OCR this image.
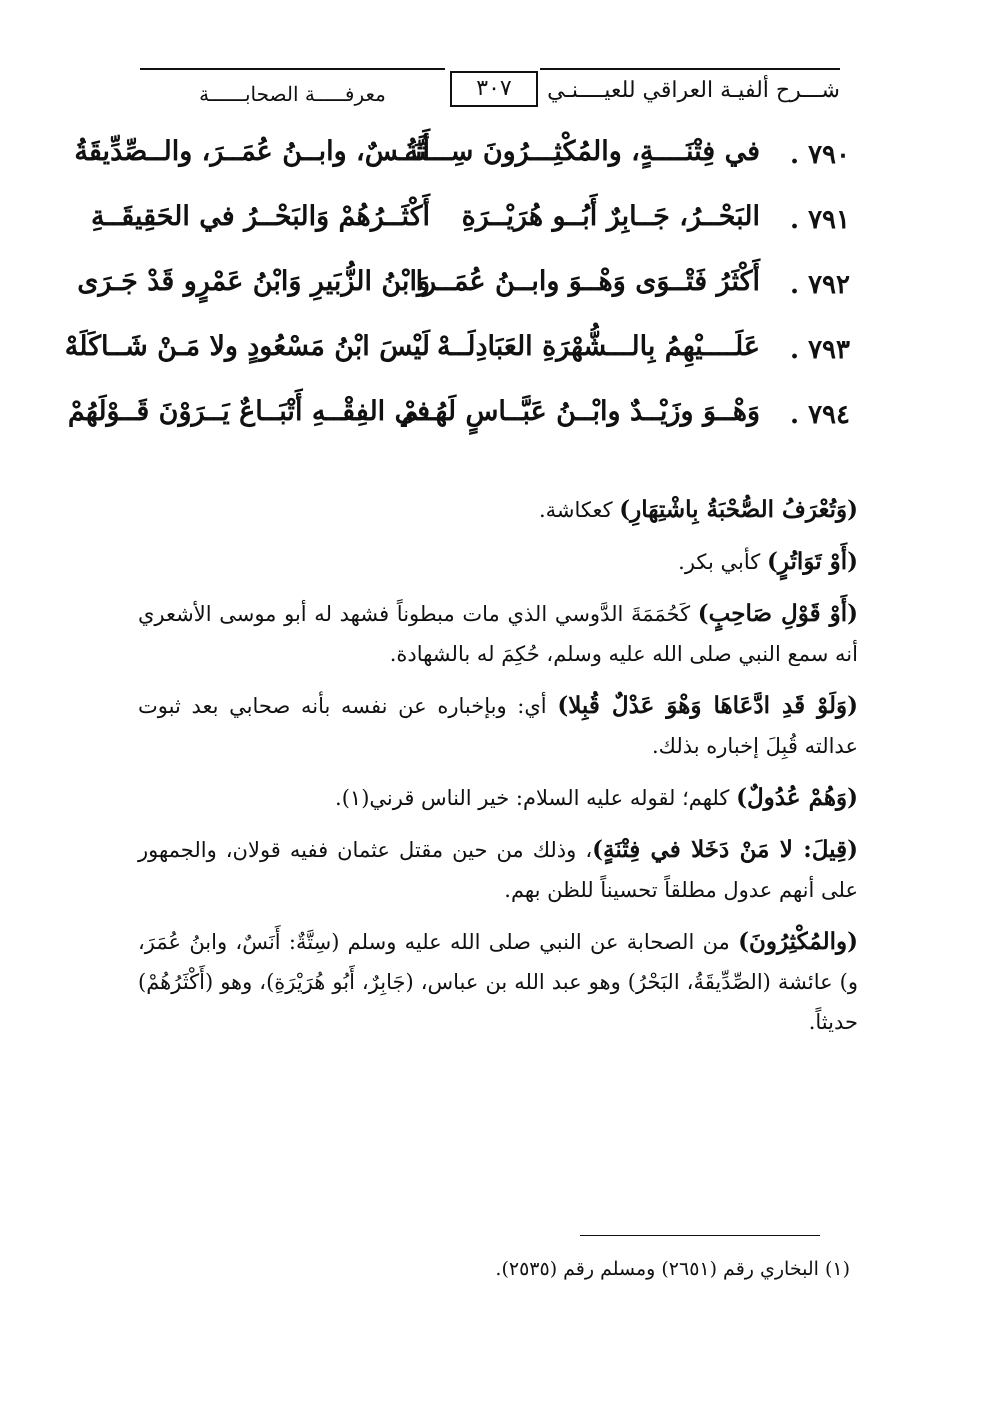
شـــرح ألفيـة العراقي للعيــــنـي
٣٠٧
معرفـــــة الصحابــــــة
٧٩٠ .
في فِتْنَــــةٍ، والمُكْثِـــرُونَ سِـــتَّةُ
أَنَــسٌ، وابــنُ عُمَــرَ، والــصِّدِّيقَةُ
٧٩١ .
البَحْــرُ، جَــابِرٌ أَبُــو هُرَيْــرَةِ
أَكْثَــرُهُمْ وَالبَحْــرُ في الحَقِيقَــةِ
٧٩٢ .
أَكْثَرُ فَتْــوَى وَهْــوَ وابــنُ عُمَــرا
وَابْنُ الزُّبَيرِ وَابْنُ عَمْرٍو قَدْ جَـرَى
٧٩٣ .
عَلَــــيْهِمُ بِالـــشُّهْرَةِ العَبَادِلَــهْ
لَيْسَ ابْنُ مَسْعُودٍ ولا مَـنْ شَــاكَلَهْ
٧٩٤ .
وَهْــوَ وزَيْــدٌ وابْــنُ عَبَّــاسٍ لَهُــمْ
في الفِقْــهِ أَتْبَــاعٌ يَــرَوْنَ قَــوْلَهُمْ

(وَتُعْرَفُ الصُّحْبَةُ بِاشْتِهَارِ) كعكاشة.

(أَوْ تَوَاتُرٍ) كأبي بكر.

(أَوْ قَوْلِ صَاحِبٍ) كَحُمَمَةَ الدَّوسي الذي مات مبطوناً فشهد له أبو موسى الأشعري أنه سمع النبي صلى الله عليه وسلم، حُكِمَ له بالشهادة.

(وَلَوْ قَدِ ادَّعَاهَا وَهْوَ عَدْلٌ قُبِلا) أي: وبإخباره عن نفسه بأنه صحابي بعد ثبوت عدالته قُبِلَ إخباره بذلك.

(وَهُمْ عُدُولٌ) كلهم؛ لقوله عليه السلام: خير الناس قرني(١).

(قِيلَ: لا مَنْ دَخَلا في فِتْنَةٍ)، وذلك من حين مقتل عثمان ففيه قولان، والجمهور على أنهم عدول مطلقاً تحسيناً للظن بهم.

(والمُكْثِرُونَ) من الصحابة عن النبي صلى الله عليه وسلم (سِتَّةٌ: أَنَسٌ، وابنُ عُمَرَ، و) عائشة (الصِّدِّيقَةُ، البَحْرُ) وهو عبد الله بن عباس، (جَابِرٌ، أَبُو هُرَيْرَةِ)، وهو (أَكْثَرُهُمْ) حديثاً.

(١) البخاري رقم (٢٦٥١) ومسلم رقم (٢٥٣٥).
